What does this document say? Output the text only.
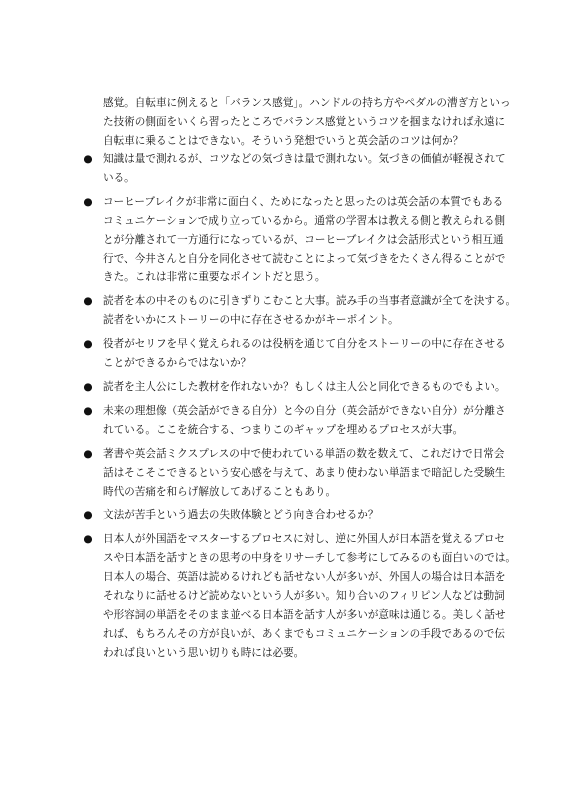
感覚。自転車に例えると「バランス感覚」。ハンドルの持ち方やペダルの漕ぎ方といっ
た技術の側面をいくら習ったところでバランス感覚というコツを掴まなければ永遠に
自転車に乗ることはできない。そういう発想でいうと英会話のコツは何か？

● 知識は量で測れるが、コツなどの気づきは量で測れない。気づきの価値が軽視されて
いる。
● コーヒーブレイクが非常に面白く、ためになったと思ったのは英会話の本質でもある
コミュニケーションで成り立っているから。通常の学習本は教える側と教えられる側
とが分離されて一方通行になっているが、コーヒーブレイクは会話形式という相互通
行で、今井さんと自分を同化させて読むことによって気づきをたくさん得ることがで
きた。これは非常に重要なポイントだと思う。
● 読者を本の中そのものに引きずりこむこと大事。読み手の当事者意識が全てを決する。
読者をいかにストーリーの中に存在させるかがキーポイント。
● 役者がセリフを早く覚えられるのは役柄を通じて自分をストーリーの中に存在させる
ことができるからではないか？
● 読者を主人公にした教材を作れないか？もしくは主人公と同化できるものでもよい。
● 未来の理想像（英会話ができる自分）と今の自分（英会話ができない自分）が分離さ
れている。ここを統合する、つまりこのギャップを埋めるプロセスが大事。
● 著書や英会話ミクスプレスの中で使われている単語の数を数えて、これだけで日常会
話はそこそこできるという安心感を与えて、あまり使わない単語まで暗記した受験生
時代の苦痛を和らげ解放してあげることもあり。
● 文法が苦手という過去の失敗体験とどう向き合わせるか？
● 日本人が外国語をマスターするプロセスに対し、逆に外国人が日本語を覚えるプロセ
スや日本語を話すときの思考の中身をリサーチして参考にしてみるのも面白いのでは。
日本人の場合、英語は読めるけれども話せない人が多いが、外国人の場合は日本語を
それなりに話せるけど読めないという人が多い。知り合いのフィリピン人などは動詞
や形容詞の単語をそのまま並べる日本語を話す人が多いが意味は通じる。美しく話せ
れば、もちろんその方が良いが、あくまでもコミュニケーションの手段であるので伝
われば良いという思い切りも時には必要。
